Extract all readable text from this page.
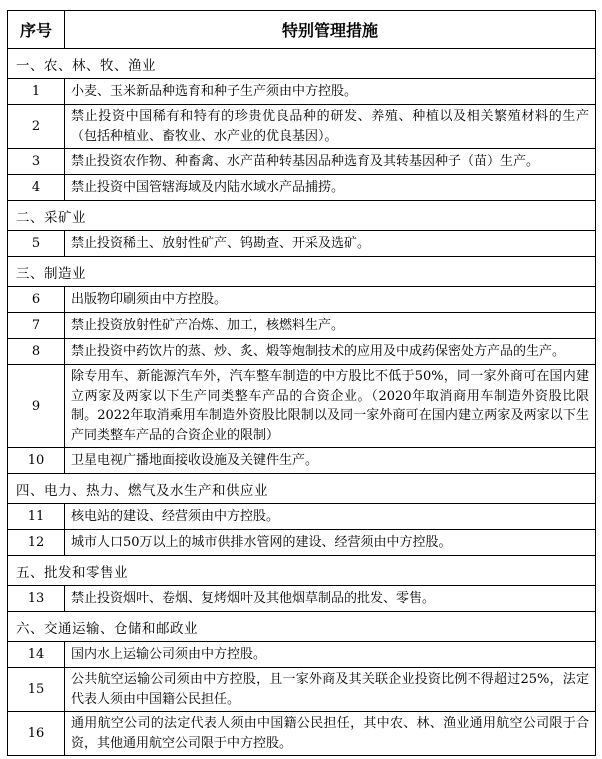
序号	特别管理措施
一、农、林、牧、渔业	
1	小麦、玉米新品种选育和种子生产须由中方控股。
2	禁止投资中国稀有和特有的珍贵优良品种的研发、养殖、种植以及相关繁殖材料的生产（包括种植业、畜牧业、水产业的优良基因）。
3	禁止投资农作物、种畜禽、水产苗种转基因品种选育及其转基因种子（苗）生产。
4	禁止投资中国管辖海域及内陆水域水产品捕捞。
二、采矿业	
5	禁止投资稀土、放射性矿产、钨勘查、开采及选矿。
三、制造业	
6	出版物印刷须由中方控股。
7	禁止投资放射性矿产冶炼、加工，核燃料生产。
8	禁止投资中药饮片的蒸、炒、炙、煅等炮制技术的应用及中成药保密处方产品的生产。
9	除专用车、新能源汽车外，汽车整车制造的中方股比不低于50%，同一家外商可在国内建立两家及两家以下生产同类整车产品的合资企业。（2020年取消商用车制造外资股比限制。2022年取消乘用车制造外资股比限制以及同一家外商可在国内建立两家及两家以下生产同类整车产品的合资企业的限制）
10	卫星电视广播地面接收设施及关键件生产。
四、电力、热力、燃气及水生产和供应业	
11	核电站的建设、经营须由中方控股。
12	城市人口50万以上的城市供排水管网的建设、经营须由中方控股。
五、批发和零售业	
13	禁止投资烟叶、卷烟、复烤烟叶及其他烟草制品的批发、零售。
六、交通运输、仓储和邮政业	
14	国内水上运输公司须由中方控股。
15	公共航空运输公司须由中方控股，且一家外商及其关联企业投资比例不得超过25%，法定代表人须由中国籍公民担任。
16	通用航空公司的法定代表人须由中国籍公民担任，其中农、林、渔业通用航空公司限于合资，其他通用航空公司限于中方控股。
